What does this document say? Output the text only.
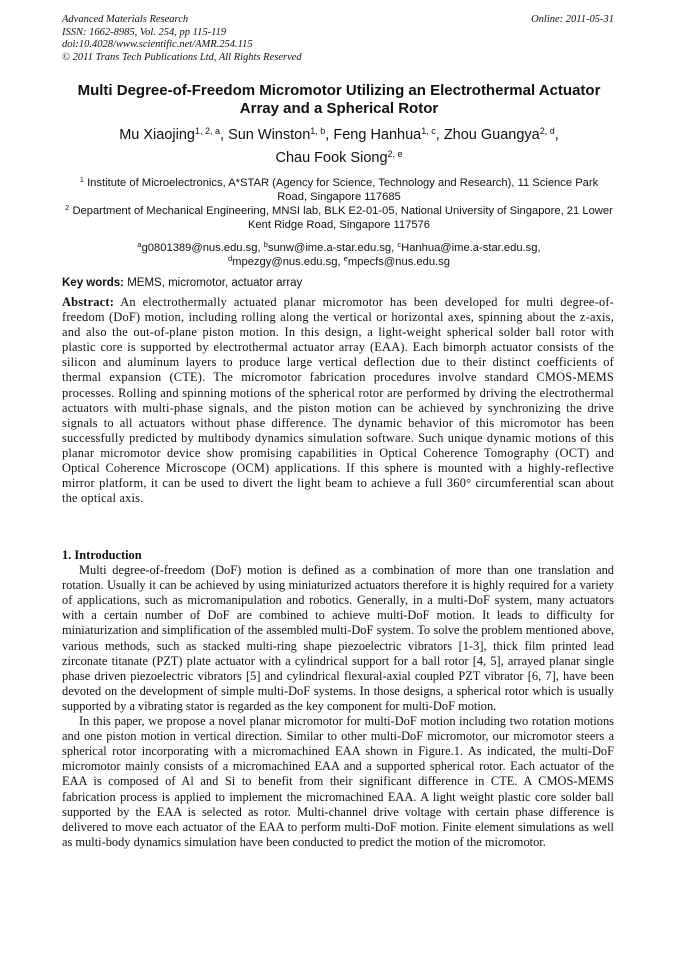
Advanced Materials Research
ISSN: 1662-8985, Vol. 254, pp 115-119
doi:10.4028/www.scientific.net/AMR.254.115
© 2011 Trans Tech Publications Ltd, All Rights Reserved
Online: 2011-05-31
Multi Degree-of-Freedom Micromotor Utilizing an Electrothermal Actuator Array and a Spherical Rotor
Mu Xiaojing$^{1, 2, a}$, Sun Winston$^{1, b}$, Feng Hanhua$^{1, c}$, Zhou Guangya$^{2, d}$,
Chau Fook Siong$^{2, e}$

$^1$ Institute of Microelectronics, A*STAR (Agency for Science, Technology and Research), 11 Science Park Road, Singapore 117685

$^2$ Department of Mechanical Engineering, MNSI lab, BLK E2-01-05, National University of Singapore, 21 Lower Kent Ridge Road, Singapore 117576

$^a$g0801389@nus.edu.sg, $^b$sunw@ime.a-star.edu.sg, $^c$Hanhua@ime.a-star.edu.sg,
$^d$mpezgy@nus.edu.sg, $^e$mpecfs@nus.edu.sg
Key words: MEMS, micromotor, actuator array

Abstract: An electrothermally actuated planar micromotor has been developed for multi degree-of-freedom (DoF) motion, including rolling along the vertical or horizontal axes, spinning about the z-axis, and also the out-of-plane piston motion. In this design, a light-weight spherical solder ball rotor with plastic core is supported by electrothermal actuator array (EAA). Each bimorph actuator consists of the silicon and aluminum layers to produce large vertical deflection due to their distinct coefficients of thermal expansion (CTE). The micromotor fabrication procedures involve standard CMOS-MEMS processes. Rolling and spinning motions of the spherical rotor are performed by driving the electrothermal actuators with multi-phase signals, and the piston motion can be achieved by synchronizing the drive signals to all actuators without phase difference. The dynamic behavior of this micromotor has been successfully predicted by multibody dynamics simulation software. Such unique dynamic motions of this planar micromotor device show promising capabilities in Optical Coherence Tomography (OCT) and Optical Coherence Microscope (OCM) applications. If this sphere is mounted with a highly-reflective mirror platform, it can be used to divert the light beam to achieve a full 360° circumferential scan about the optical axis.

1. Introduction

Multi degree-of-freedom (DoF) motion is defined as a combination of more than one translation and rotation. Usually it can be achieved by using miniaturized actuators therefore it is highly required for a variety of applications, such as micromanipulation and robotics. Generally, in a multi-DoF system, many actuators with a certain number of DoF are combined to achieve multi-DoF motion. It leads to difficulty for miniaturization and simplification of the assembled multi-DoF system. To solve the problem mentioned above, various methods, such as stacked multi-ring shape piezoelectric vibrators [1-3], thick film printed lead zirconate titanate (PZT) plate actuator with a cylindrical support for a ball rotor [4, 5], arrayed planar single phase driven piezoelectric vibrators [5] and cylindrical flexural-axial coupled PZT vibrator [6, 7], have been devoted on the development of simple multi-DoF systems. In those designs, a spherical rotor which is usually supported by a vibrating stator is regarded as the key component for multi-DoF motion.

In this paper, we propose a novel planar micromotor for multi-DoF motion including two rotation motions and one piston motion in vertical direction. Similar to other multi-DoF micromotor, our micromotor steers a spherical rotor incorporating with a micromachined EAA shown in Figure.1. As indicated, the multi-DoF micromotor mainly consists of a micromachined EAA and a supported spherical rotor. Each actuator of the EAA is composed of Al and Si to benefit from their significant difference in CTE. A CMOS-MEMS fabrication process is applied to implement the micromachined EAA. A light weight plastic core solder ball supported by the EAA is selected as rotor. Multi-channel drive voltage with certain phase difference is delivered to move each actuator of the EAA to perform multi-DoF motion. Finite element simulations as well as multi-body dynamics simulation have been conducted to predict the motion of the micromotor.
